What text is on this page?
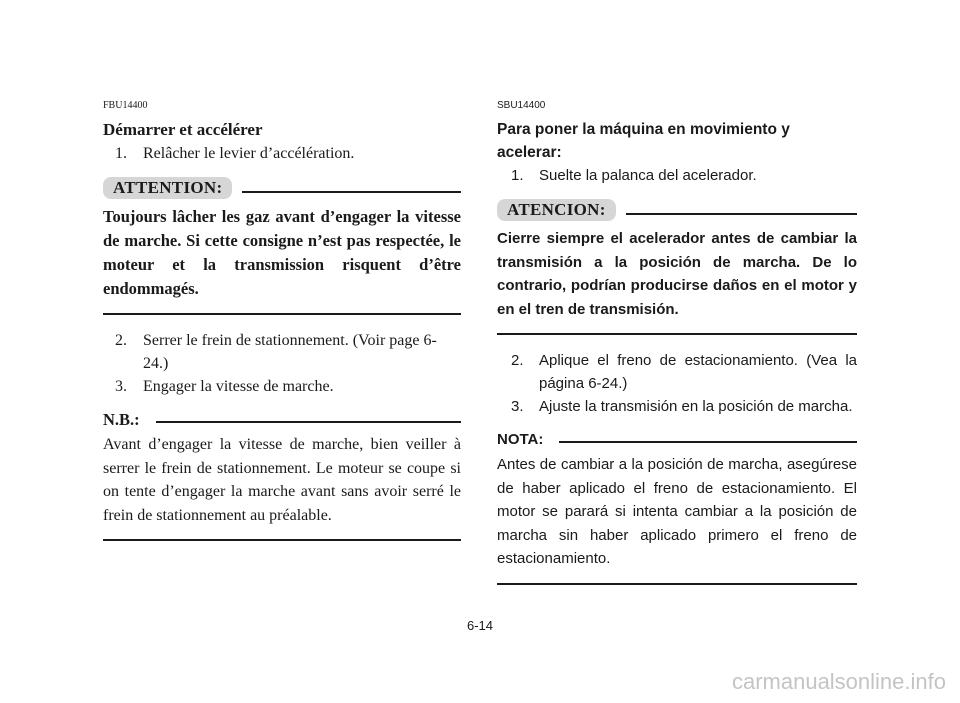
FBU14400

Démarrer et accélérer

1. Relâcher le levier d’accélération.

ATTENTION:

Toujours lâcher les gaz avant d’engager la vitesse de marche. Si cette consigne n’est pas respectée, le moteur et la transmission risquent d’être endommagés.

2. Serrer le frein de stationnement. (Voir page 6-24.)

3. Engager la vitesse de marche.

N.B.:

Avant d’engager la vitesse de marche, bien veiller à serrer le frein de stationnement. Le moteur se coupe si on tente d’engager la marche avant sans avoir serré le frein de stationnement au préalable.

SBU14400

Para poner la máquina en movimiento y acelerar:

1. Suelte la palanca del acelerador.

ATENCION:

Cierre siempre el acelerador antes de cambiar la transmisión a la posición de marcha. De lo contrario, podrían producirse daños en el motor y en el tren de transmisión.

2. Aplique el freno de estacionamiento. (Vea la página 6-24.)

3. Ajuste la transmisión en la posición de marcha.

NOTA:

Antes de cambiar a la posición de marcha, asegúrese de haber aplicado el freno de estacionamiento. El motor se parará si intenta cambiar a la posición de marcha sin haber aplicado primero el freno de estacionamiento.

6-14
carmanualsonline.info
